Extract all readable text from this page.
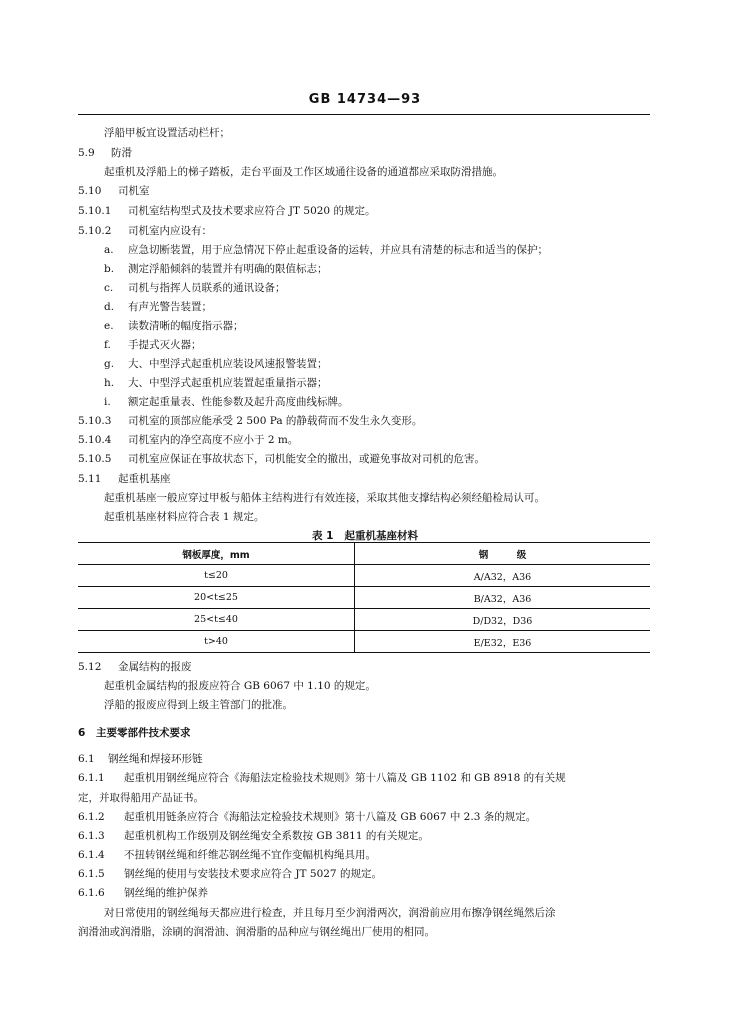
GB 14734—93
浮船甲板宜设置活动栏杆；
5.9 防滑
起重机及浮船上的梯子踏板，走台平面及工作区域通往设备的通道都应采取防滑措施。
5.10 司机室
5.10.1 司机室结构型式及技术要求应符合 JT 5020 的规定。
5.10.2 司机室内应设有：
a. 应急切断装置，用于应急情况下停止起重设备的运转，并应具有清楚的标志和适当的保护；
b. 测定浮船倾斜的装置并有明确的限值标志；
c. 司机与指挥人员联系的通讯设备；
d. 有声光警告装置；
e. 读数清晰的幅度指示器；
f. 手提式灭火器；
g. 大、中型浮式起重机应装设风速报警装置；
h. 大、中型浮式起重机应装置起重量指示器；
i. 额定起重量表、性能参数及起升高度曲线标牌。
5.10.3 司机室的顶部应能承受 2 500 Pa 的静载荷而不发生永久变形。
5.10.4 司机室内的净空高度不应小于 2 m。
5.10.5 司机室应保证在事故状态下，司机能安全的撤出，或避免事故对司机的危害。
5.11 起重机基座
起重机基座一般应穿过甲板与船体主结构进行有效连接，采取其他支撑结构必须经船检局认可。
起重机基座材料应符合表 1 规定。
表 1 起重机基座材料
钢板厚度，mm	钢　　　级
t≤20	A/A32，A36
20<t≤25	B/A32，A36
25<t≤40	D/D32，D36
t>40	E/E32，E36
5.12 金属结构的报废
起重机金属结构的报废应符合 GB 6067 中 1.10 的规定。
浮船的报废应得到上级主管部门的批准。
6 主要零部件技术要求
6.1 钢丝绳和焊接环形链
6.1.1 起重机用钢丝绳应符合《海船法定检验技术规则》第十八篇及 GB 1102 和 GB 8918 的有关规
定，并取得船用产品证书。
6.1.2 起重机用链条应符合《海船法定检验技术规则》第十八篇及 GB 6067 中 2.3 条的规定。
6.1.3 起重机机构工作级别及钢丝绳安全系数按 GB 3811 的有关规定。
6.1.4 不扭转钢丝绳和纤维芯钢丝绳不宜作变幅机构绳具用。
6.1.5 钢丝绳的使用与安装技术要求应符合 JT 5027 的规定。
6.1.6 钢丝绳的维护保养
对日常使用的钢丝绳每天都应进行检查，并且每月至少润滑两次，润滑前应用布擦净钢丝绳然后涂
润滑油或润滑脂，涂刷的润滑油、润滑脂的品种应与钢丝绳出厂使用的相同。
